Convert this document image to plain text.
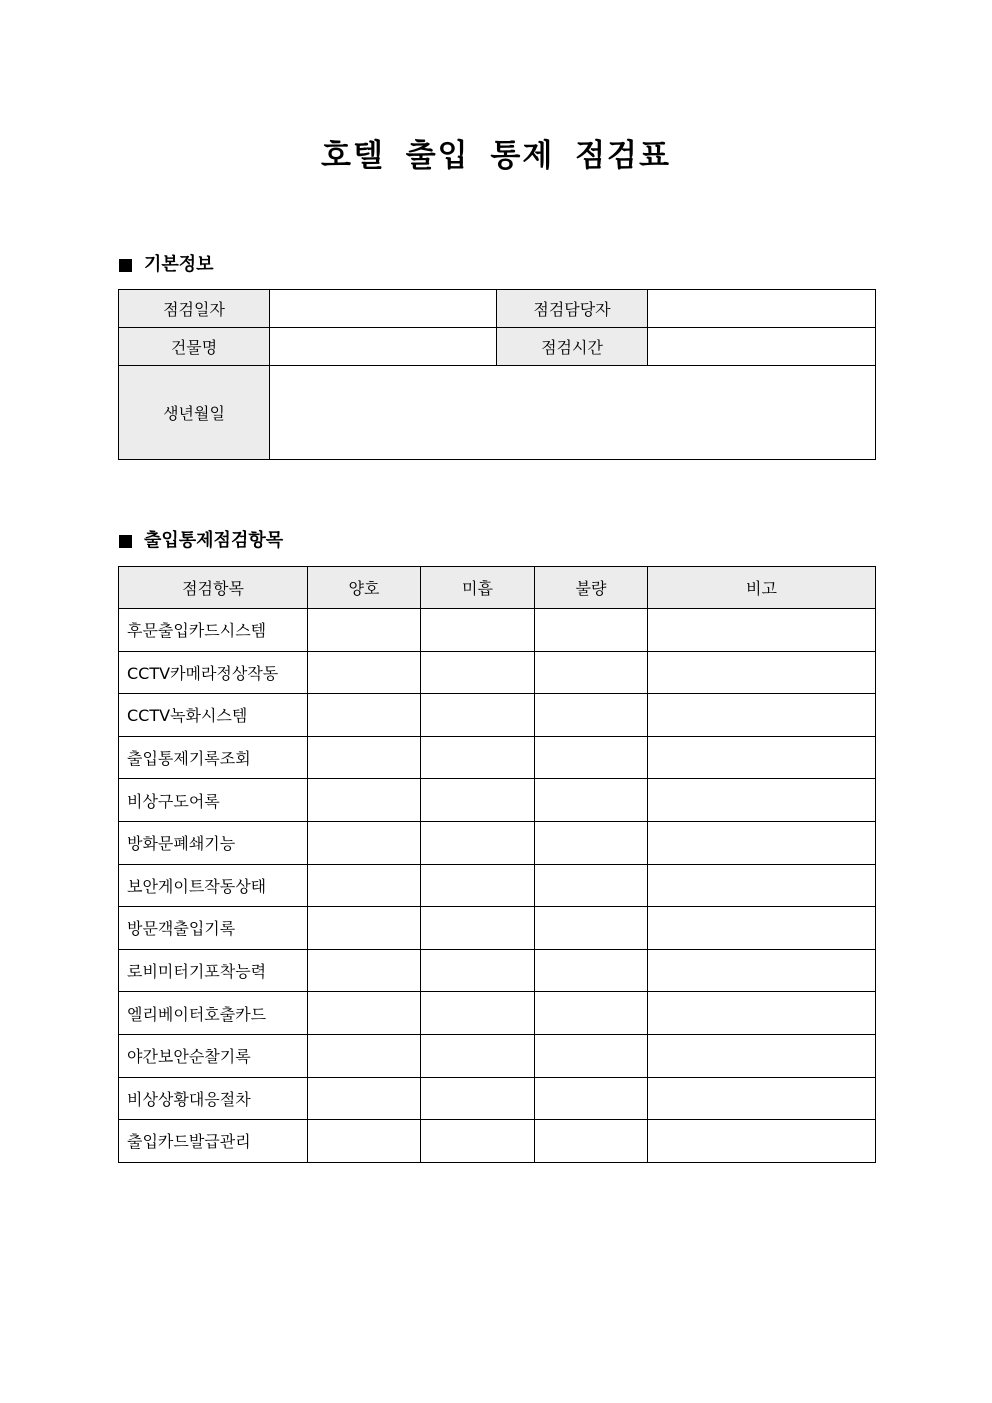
호텔 출입 통제 점검표
기본정보
점검일자		점검담당자	
건물명		점검시간	
생년월일			
출입통제점검항목
점검항목	양호	미흡	불량	비고
후문출입카드시스템				
CCTV카메라정상작동				
CCTV녹화시스템				
출입통제기록조회				
비상구도어록				
방화문폐쇄기능				
보안게이트작동상태				
방문객출입기록				
로비미터기포착능력				
엘리베이터호출카드				
야간보안순찰기록				
비상상황대응절차				
출입카드발급관리				
